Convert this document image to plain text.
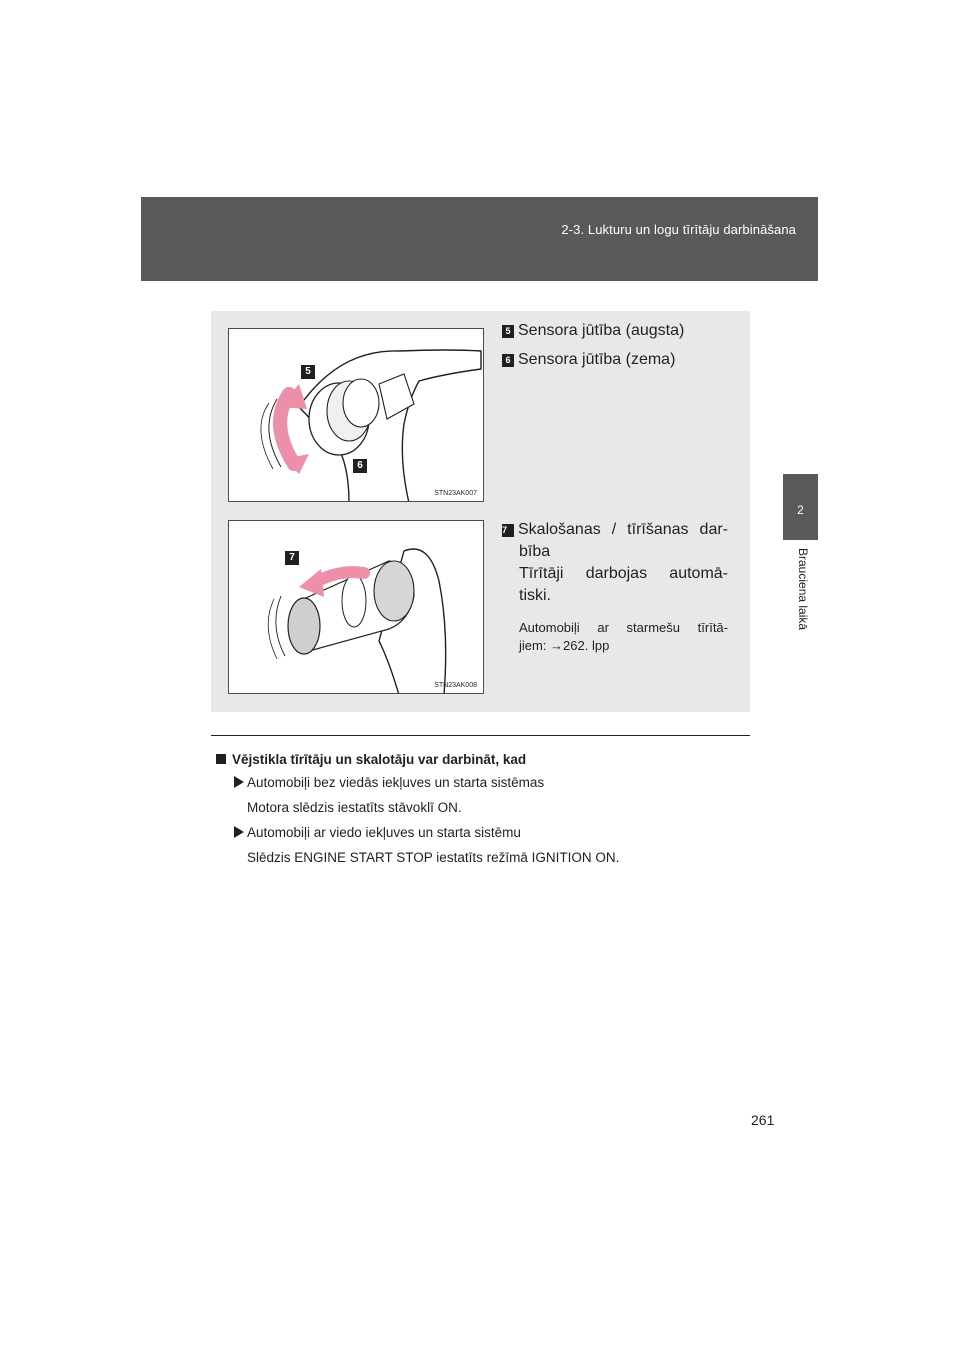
2-3. Lukturu un logu tīrītāju darbināšana
2
Brauciena laikā
5
6
STN23AK007
7
STN23AK008
5 Sensora jūtība (augsta)
6 Sensora jūtība (zema)
7 Skalošanas / tīrīšanas dar-
bība
Tīrītāji darbojas automā-
tiski.
Automobiļi ar starmešu tīrītā-
jiem: →262. lpp
Vējstikla tīrītāju un skalotāju var darbināt, kad
Automobiļi bez viedās iekļuves un starta sistēmas
Motora slēdzis iestatīts stāvoklī ON.
Automobiļi ar viedo iekļuves un starta sistēmu
Slēdzis ENGINE START STOP iestatīts režīmā IGNITION ON.
261
